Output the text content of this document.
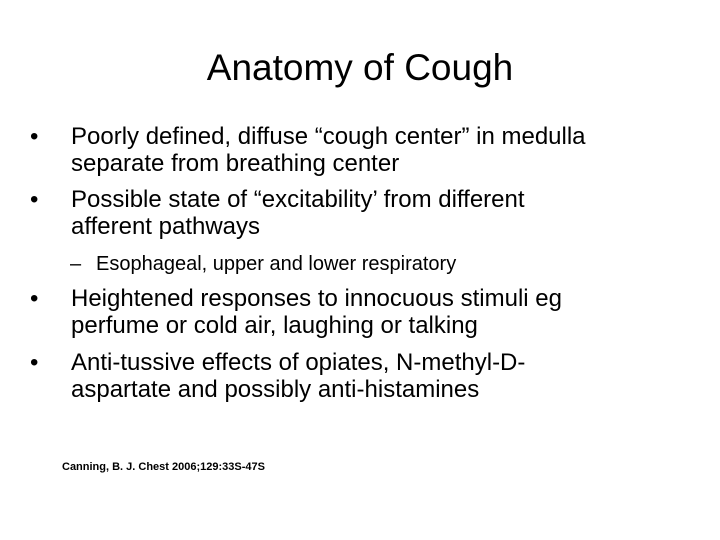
Anatomy of Cough
•	Poorly defined, diffuse “cough center” in medulla
separate from breathing center
•	Possible state of “excitability’ from different
afferent pathways
– Esophageal, upper and lower respiratory
•	Heightened responses to innocuous stimuli eg
perfume or cold air, laughing or talking
•	Anti-tussive effects of opiates, N-methyl-D-
aspartate and possibly anti-histamines
Canning, B. J. Chest 2006;129:33S-47S
